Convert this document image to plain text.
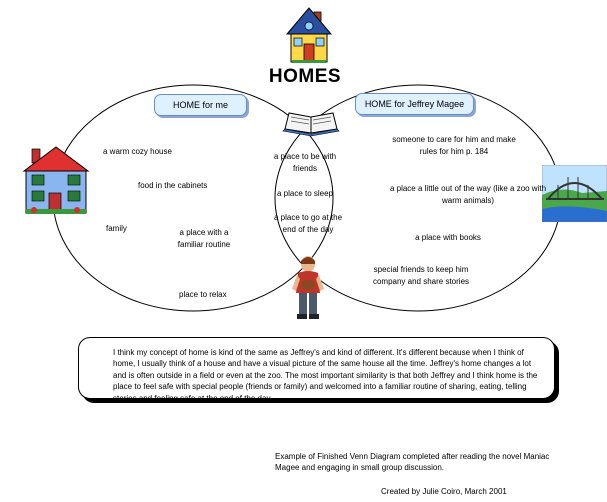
HOMES
HOME for me	HOME for Jeffrey Magee
a warm cozy house
food in the cabinets
family	a place with a familiar routine
place to relax
a place to be with friends
a place to sleep
a place to go at the end of the day
someone to care for him and make rules for him p. 184
a place a little out of the way (like a zoo with warm animals)
a place with books
special friends to keep him company and share stories
I think my concept of home is kind of the same as Jeffrey's and kind of different. It's different because when I think of home, I usually think of a house and have a visual picture of the same house all the time. Jeffrey's home changes a lot and is often outside in a field or even at the zoo. The most important similarity is that both Jeffrey and I think home is the place to feel safe with special people (friends or family) and welcomed into a familiar routine of sharing, eating, telling stories and feeling safe at the end of the day.
Example of Finished Venn Diagram completed after reading the novel Maniac Magee and engaging in small group discussion.
Created by Julie Coiro, March 2001
